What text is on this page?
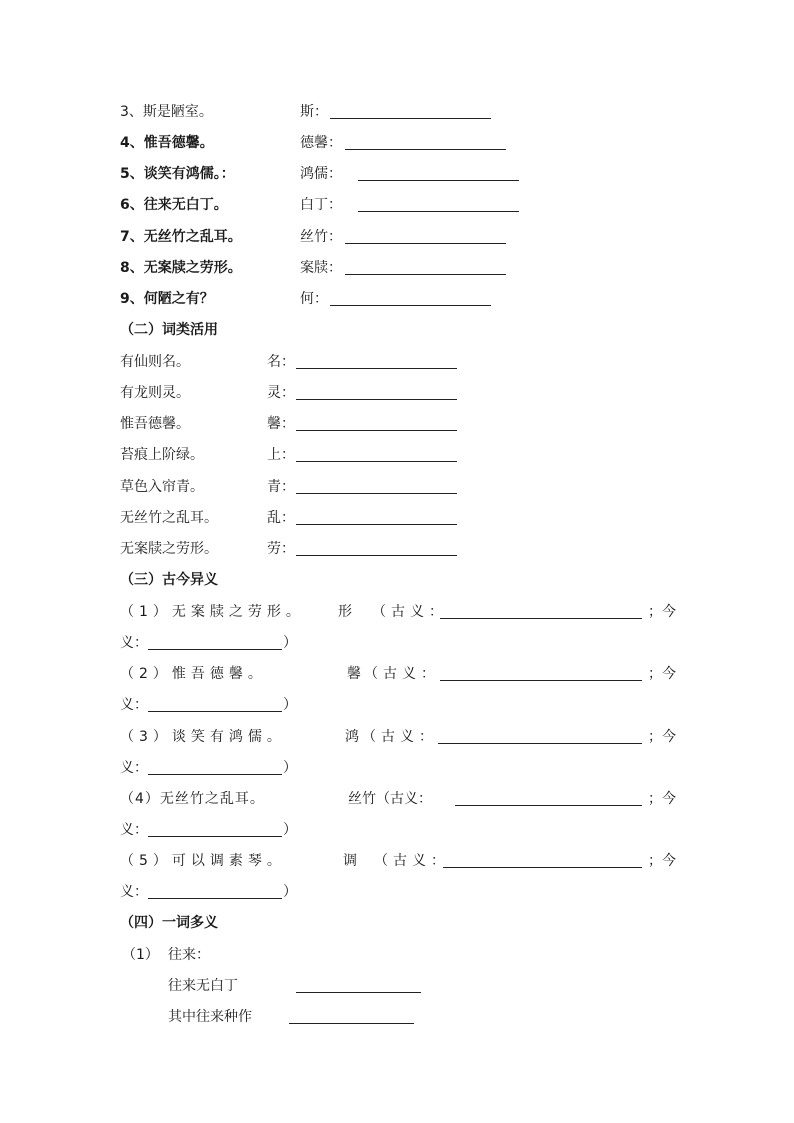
3、斯是陋室。	斯：
4、惟吾德馨。	德馨：
5、谈笑有鸿儒。：	鸿儒：
6、往来无白丁。	白丁：
7、无丝竹之乱耳。	丝竹：
8、无案牍之劳形。	案牍：
9、何陋之有？	何：
（二）词类活用
有仙则名。	名：
有龙则灵。	灵：
惟吾德馨。	馨：
苔痕上阶绿。	上：
草色入帘青。	青：
无丝竹之乱耳。	乱：
无案牍之劳形。	劳：
（三）古今异义
（1）无案牍之劳形。 形 （古义：	； 今
义：	）
（2）惟吾德馨。	馨 （古义：	； 今
义：	）
（3）谈笑有鸿儒。	鸿 （古义：	； 今
义：	）
（4）无丝竹之乱耳。	丝竹 （古义：	； 今
义：	）
（5）可以调素琴。	调 （古义：	； 今
义：	）
（四）一词多义
（1） 往来：
往来无白丁
其中往来种作
